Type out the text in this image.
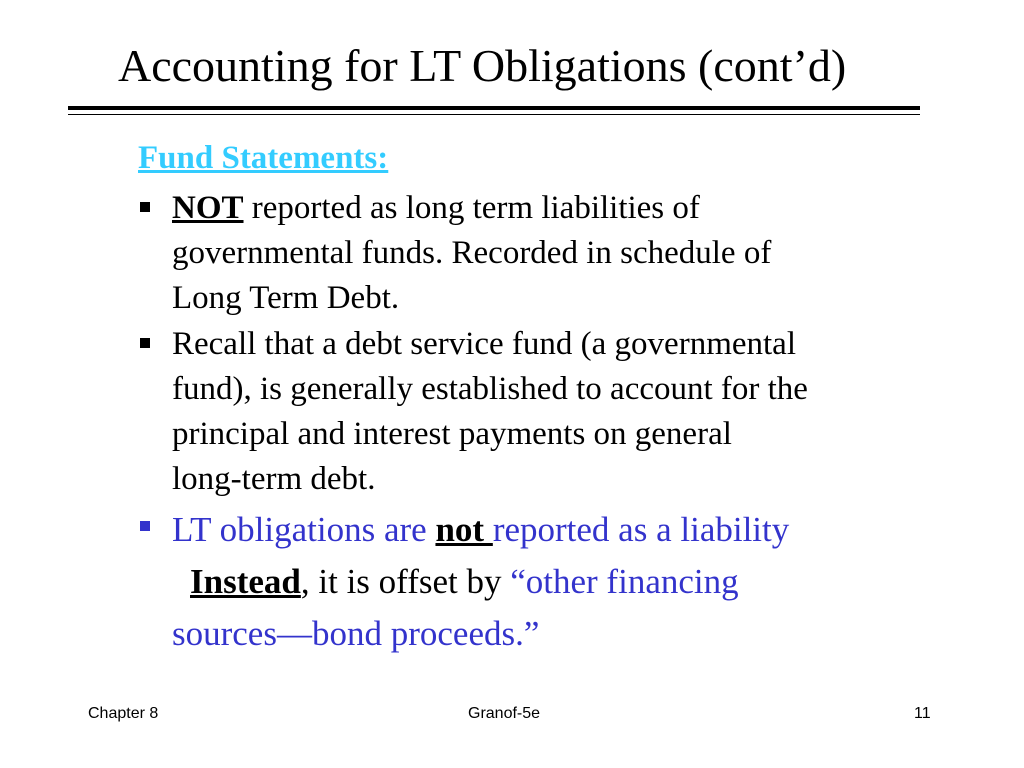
Accounting for LT Obligations (cont’d)
Fund Statements:
NOT reported as long term liabilities of
governmental funds. Recorded in schedule of
Long Term Debt.
Recall that a debt service fund (a governmental
fund), is generally established to account for the
principal and interest payments on general
long-term debt.
LT obligations are not reported as a liability
Instead, it is offset by “other financing
sources—bond proceeds.”
Chapter 8	Granof-5e	11
